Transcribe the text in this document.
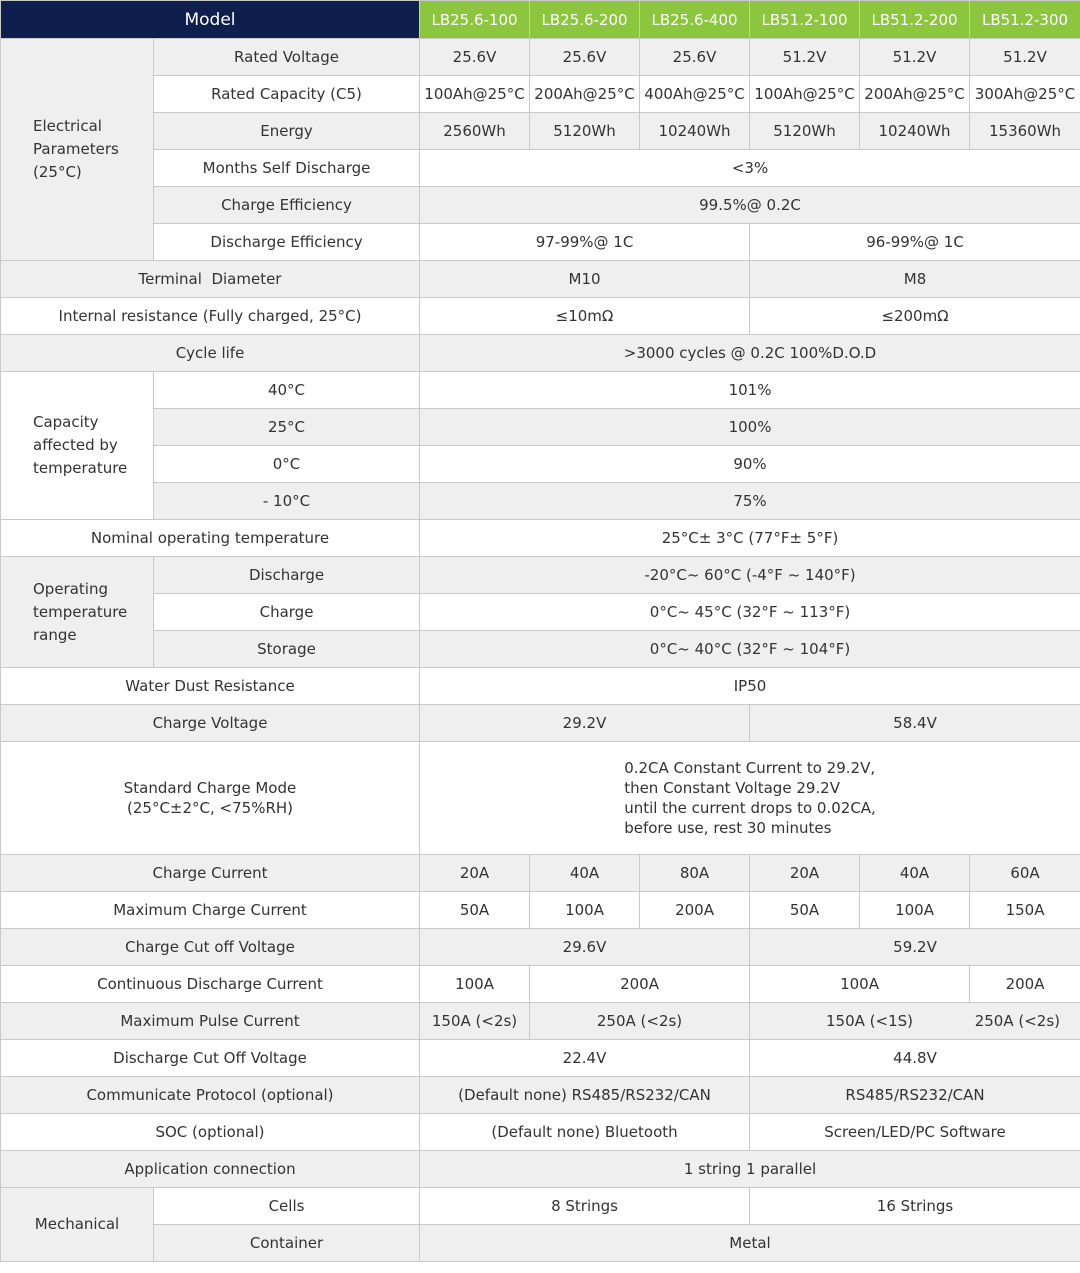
Model		LB25.6-100	LB25.6-200	LB25.6-400	LB51.2-100	LB51.2-200	LB51.2-300
Electrical
Parameters
(25°C)	Rated Voltage	25.6V	25.6V	25.6V	51.2V	51.2V	51.2V
	Rated Capacity (C5)	100Ah@25°C	200Ah@25°C	400Ah@25°C	100Ah@25°C	200Ah@25°C	300Ah@25°C
	Energy	2560Wh	5120Wh	10240Wh	5120Wh	10240Wh	15360Wh
	Months Self Discharge	<3%					
	Charge Efficiency	99.5%@ 0.2C					
	Discharge Efficiency	97-99%@ 1C			96-99%@ 1C		
Terminal  Diameter		M10			M8		
Internal resistance (Fully charged, 25°C)		≤10mΩ			≤200mΩ		
Cycle life		>3000 cycles @ 0.2C 100%D.O.D					
Capacity
affected by
temperature	40°C	101%					
	25°C	100%					
	0°C	90%					
	- 10°C	75%					
Nominal operating temperature		25°C± 3°C (77°F± 5°F)					
Operating
temperature
range	Discharge	-20°C~ 60°C (-4°F ~ 140°F)					
	Charge	0°C~ 45°C (32°F ~ 113°F)					
	Storage	0°C~ 40°C (32°F ~ 104°F)					
Water Dust Resistance		IP50					
Charge Voltage		29.2V			58.4V		
Standard Charge Mode
(25°C±2°C, <75%RH)		0.2CA Constant Current to 29.2V,
then Constant Voltage 29.2V
until the current drops to 0.02CA,
before use, rest 30 minutes					
Charge Current		20A	40A	80A	20A	40A	60A
Maximum Charge Current		50A	100A	200A	50A	100A	150A
Charge Cut off Voltage		29.6V			59.2V		
Continuous Discharge Current		100A	200A		100A		200A
Maximum Pulse Current		150A (<2s)	250A (<2s)		150A (<1S) 250A (<2s)		

Discharge Cut Off Voltage		22.4V			44.8V		
Communicate Protocol (optional)		(Default none) RS485/RS232/CAN			RS485/RS232/CAN		
SOC (optional)		(Default none) Bluetooth			Screen/LED/PC Software		
Application connection		1 string 1 parallel					
Mechanical	Cells	8 Strings			16 Strings		
	Container	Metal					
